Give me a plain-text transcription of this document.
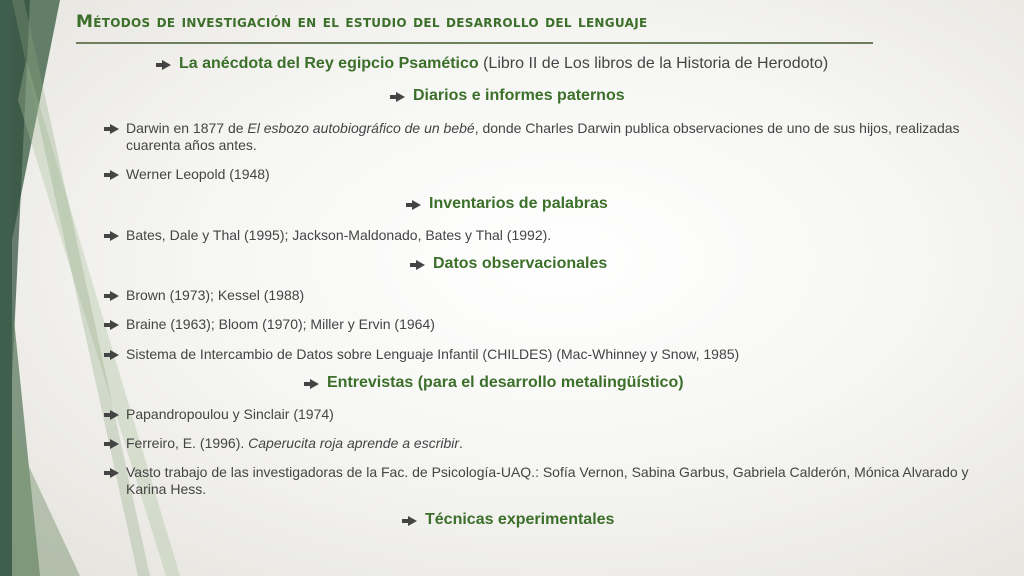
Métodos de investigación en el estudio del desarrollo del lenguaje
La anécdota del Rey egipcio Psamético (Libro II de Los libros de la Historia de Herodoto)
Diarios e informes paternos
Darwin en 1877 de El esbozo autobiográfico de un bebé, donde Charles Darwin publica observaciones de uno de sus hijos, realizadas cuarenta años antes.
Werner Leopold (1948)
Inventarios de palabras
Bates, Dale y Thal (1995); Jackson-Maldonado, Bates y Thal (1992).
Datos observacionales
Brown (1973); Kessel (1988)
Braine (1963); Bloom (1970); Miller y Ervin (1964)
Sistema de Intercambio de Datos sobre Lenguaje Infantil (CHILDES) (Mac-Whinney y Snow, 1985)
Entrevistas (para el desarrollo metalingüístico)
Papandropoulou y Sinclair (1974)
Ferreiro, E. (1996). Caperucita roja aprende a escribir.
Vasto trabajo de las investigadoras de la Fac. de Psicología-UAQ.: Sofía Vernon, Sabina Garbus, Gabriela Calderón, Mónica Alvarado y Karina Hess.
Técnicas experimentales
